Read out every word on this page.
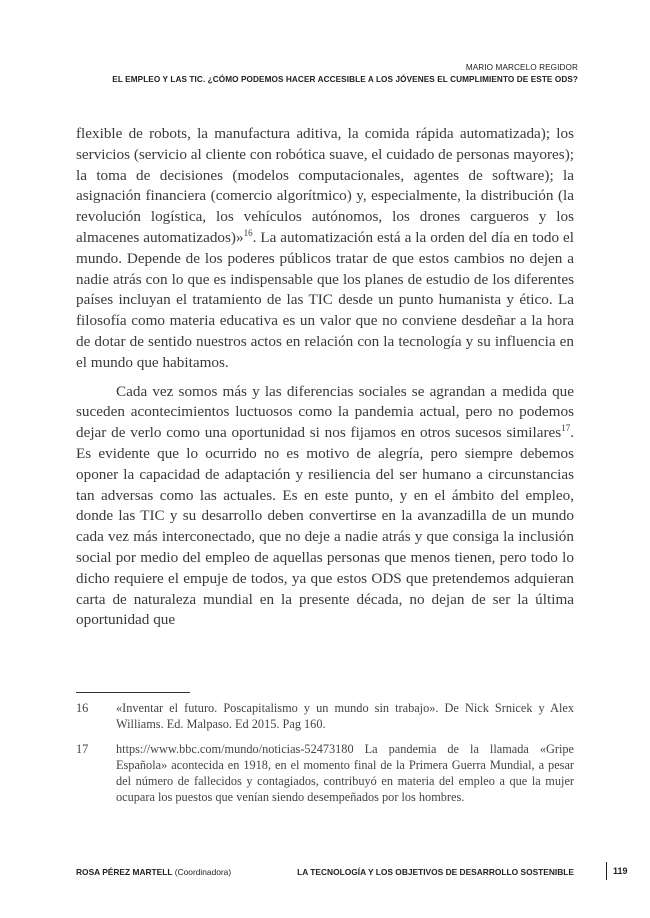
MARIO MARCELO REGIDOR
EL EMPLEO Y LAS TIC. ¿CÓMO PODEMOS HACER ACCESIBLE A LOS JÓVENES EL CUMPLIMIENTO DE ESTE ODS?

flexible de robots, la manufactura aditiva, la comida rápida automatizada); los servicios (servicio al cliente con robótica suave, el cuidado de personas mayores); la toma de decisiones (modelos computacionales, agentes de software); la asignación financiera (comercio algorítmico) y, especialmente, la distribución (la revolución logística, los vehículos autónomos, los drones cargueros y los almacenes automatizados)»$^{16}$. La automatización está a la orden del día en todo el mundo. Depende de los poderes públicos tratar de que estos cambios no dejen a nadie atrás con lo que es indispensable que los planes de estudio de los diferentes países incluyan el tratamiento de las TIC desde un punto humanista y ético. La filosofía como materia educativa es un valor que no conviene desdeñar a la hora de dotar de sentido nuestros actos en relación con la tecnología y su influencia en el mundo que habitamos.

Cada vez somos más y las diferencias sociales se agrandan a medida que suceden acontecimientos luctuosos como la pandemia actual, pero no podemos dejar de verlo como una oportunidad si nos fijamos en otros sucesos similares$^{17}$. Es evidente que lo ocurrido no es motivo de alegría, pero siempre debemos oponer la capacidad de adaptación y resiliencia del ser humano a circunstancias tan adversas como las actuales. Es en este punto, y en el ámbito del empleo, donde las TIC y su desarrollo deben convertirse en la avanzadilla de un mundo cada vez más interconectado, que no deje a nadie atrás y que consiga la inclusión social por medio del empleo de aquellas personas que menos tienen, pero todo lo dicho requiere el empuje de todos, ya que estos ODS que pretendemos adquieran carta de naturaleza mundial en la presente década, no dejan de ser la última oportunidad que

16	«Inventar el futuro. Poscapitalismo y un mundo sin trabajo». De Nick Srnicek y Alex Williams. Ed. Malpaso. Ed 2015. Pag 160.
17	https://www.bbc.com/mundo/noticias-52473180 La pandemia de la llamada «Gripe Española» acontecida en 1918, en el momento final de la Primera Guerra Mundial, a pesar del número de fallecidos y contagiados, contribuyó en materia del empleo a que la mujer ocupara los puestos que venían siendo desempeñados por los hombres.
ROSA PÉREZ MARTELL (Coordinadora)	LA TECNOLOGÍA Y LOS OBJETIVOS DE DESARROLLO SOSTENIBLE	119
